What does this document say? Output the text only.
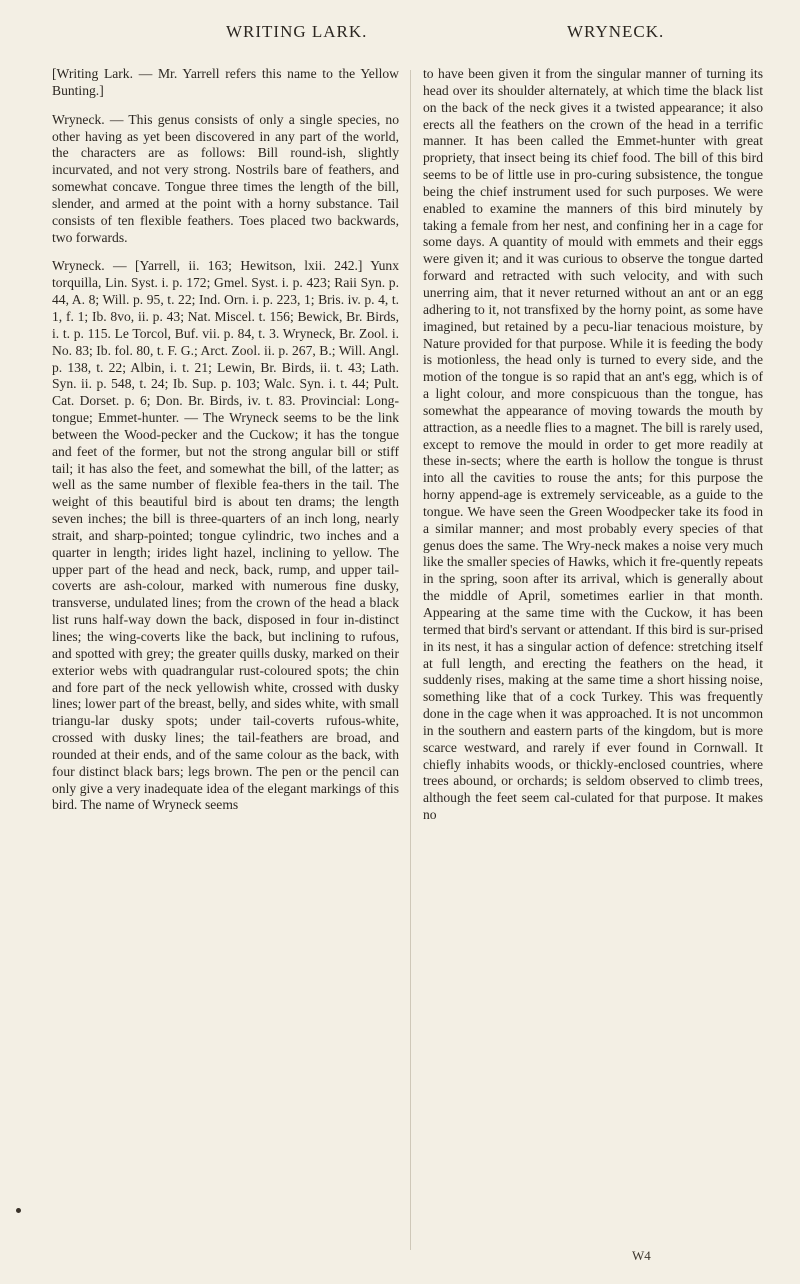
WRITING LARK.	WRYNECK.

[Writing Lark. — Mr. Yarrell refers this name to the Yellow Bunting.]

Wryneck. — This genus consists of only a single species, no other having as yet been discovered in any part of the world, the characters are as follows: Bill round-ish, slightly incurvated, and not very strong. Nostrils bare of feathers, and somewhat concave. Tongue three times the length of the bill, slender, and armed at the point with a horny substance. Tail consists of ten flexible feathers. Toes placed two backwards, two forwards.

Wryneck. — [Yarrell, ii. 163; Hewitson, lxii. 242.] Yunx torquilla, Lin. Syst. i. p. 172; Gmel. Syst. i. p. 423; Raii Syn. p. 44, A. 8; Will. p. 95, t. 22; Ind. Orn. i. p. 223, 1; Bris. iv. p. 4, t. 1, f. 1; Ib. 8vo, ii. p. 43; Nat. Miscel. t. 156; Bewick, Br. Birds, i. t. p. 115. Le Torcol, Buf. vii. p. 84, t. 3. Wryneck, Br. Zool. i. No. 83; Ib. fol. 80, t. F. G.; Arct. Zool. ii. p. 267, B.; Will. Angl. p. 138, t. 22; Albin, i. t. 21; Lewin, Br. Birds, ii. t. 43; Lath. Syn. ii. p. 548, t. 24; Ib. Sup. p. 103; Walc. Syn. i. t. 44; Pult. Cat. Dorset. p. 6; Don. Br. Birds, iv. t. 83. Provincial: Long-tongue; Emmet-hunter. — The Wryneck seems to be the link between the Wood-pecker and the Cuckow; it has the tongue and feet of the former, but not the strong angular bill or stiff tail; it has also the feet, and somewhat the bill, of the latter; as well as the same number of flexible fea-thers in the tail. The weight of this beautiful bird is about ten drams; the length seven inches; the bill is three-quarters of an inch long, nearly strait, and sharp-pointed; tongue cylindric, two inches and a quarter in length; irides light hazel, inclining to yellow. The upper part of the head and neck, back, rump, and upper tail-coverts are ash-colour, marked with numerous fine dusky, transverse, undulated lines; from the crown of the head a black list runs half-way down the back, disposed in four in-distinct lines; the wing-coverts like the back, but inclining to rufous, and spotted with grey; the greater quills dusky, marked on their exterior webs with quadrangular rust-coloured spots; the chin and fore part of the neck yellowish white, crossed with dusky lines; lower part of the breast, belly, and sides white, with small triangu-lar dusky spots; under tail-coverts rufous-white, crossed with dusky lines; the tail-feathers are broad, and rounded at their ends, and of the same colour as the back, with four distinct black bars; legs brown. The pen or the pencil can only give a very inadequate idea of the elegant markings of this bird. The name of Wryneck seems

to have been given it from the singular manner of turning its head over its shoulder alternately, at which time the black list on the back of the neck gives it a twisted appearance; it also erects all the feathers on the crown of the head in a terrific manner. It has been called the Emmet-hunter with great propriety, that insect being its chief food. The bill of this bird seems to be of little use in pro-curing subsistence, the tongue being the chief instrument used for such purposes. We were enabled to examine the manners of this bird minutely by taking a female from her nest, and confining her in a cage for some days. A quantity of mould with emmets and their eggs were given it; and it was curious to observe the tongue darted forward and retracted with such velocity, and with such unerring aim, that it never returned without an ant or an egg adhering to it, not transfixed by the horny point, as some have imagined, but retained by a pecu-liar tenacious moisture, by Nature provided for that purpose. While it is feeding the body is motionless, the head only is turned to every side, and the motion of the tongue is so rapid that an ant's egg, which is of a light colour, and more conspicuous than the tongue, has somewhat the appearance of moving towards the mouth by attraction, as a needle flies to a magnet. The bill is rarely used, except to remove the mould in order to get more readily at these in-sects; where the earth is hollow the tongue is thrust into all the cavities to rouse the ants; for this purpose the horny append-age is extremely serviceable, as a guide to the tongue. We have seen the Green Woodpecker take its food in a similar manner; and most probably every species of that genus does the same. The Wry-neck makes a noise very much like the smaller species of Hawks, which it fre-quently repeats in the spring, soon after its arrival, which is generally about the middle of April, sometimes earlier in that month. Appearing at the same time with the Cuckow, it has been termed that bird's servant or attendant. If this bird is sur-prised in its nest, it has a singular action of defence: stretching itself at full length, and erecting the feathers on the head, it suddenly rises, making at the same time a short hissing noise, something like that of a cock Turkey. This was frequently done in the cage when it was approached. It is not uncommon in the southern and eastern parts of the kingdom, but is more scarce westward, and rarely if ever found in Cornwall. It chiefly inhabits woods, or thickly-enclosed countries, where trees abound, or orchards; is seldom observed to climb trees, although the feet seem cal-culated for that purpose. It makes no

W4
